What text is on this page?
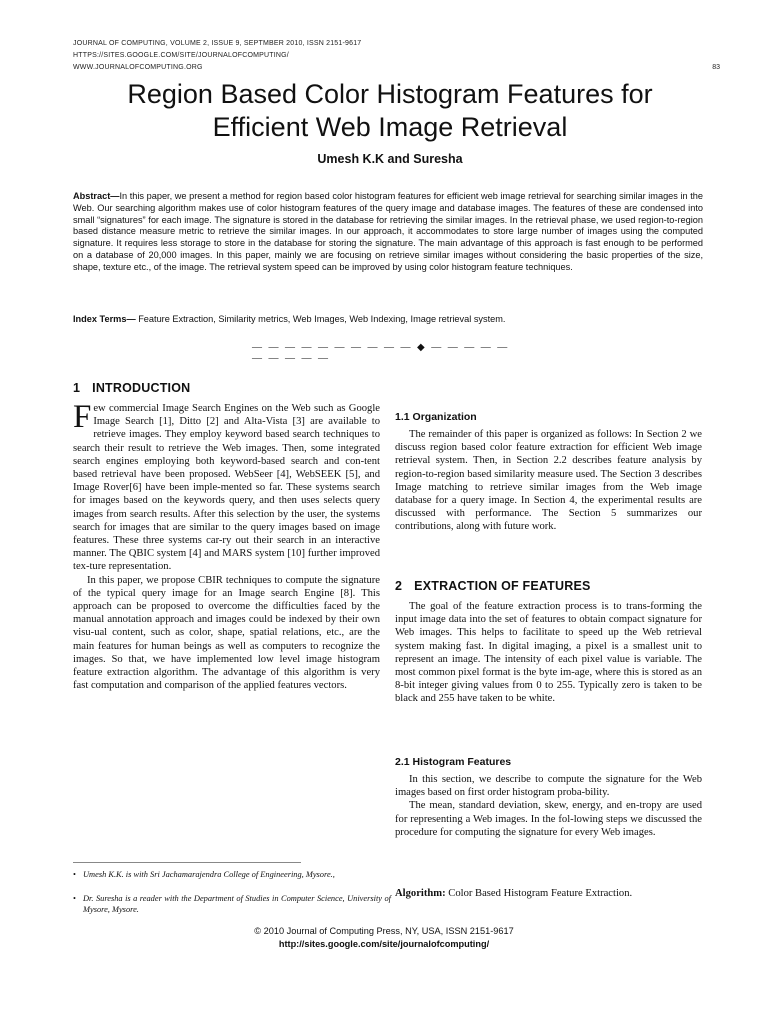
JOURNAL OF COMPUTING, VOLUME 2, ISSUE 9, SEPTMBER 2010, ISSN 2151-9617
HTTPS://SITES.GOOGLE.COM/SITE/JOURNALOFCOMPUTING/
WWW.JOURNALOFCOMPUTING.ORG	83
Region Based Color Histogram Features for
Efficient Web Image Retrieval
Umesh K.K and Suresha
Abstract—In this paper, we present a method for region based color histogram features for efficient web image retrieval for searching similar images in the Web. Our searching algorithm makes use of color histogram features of the query image and database images. The features of these are condensed into small “signatures” for each image. The signature is stored in the database for retrieving the similar images. In the retrieval phase, we used region-to-region based distance measure metric to retrieve the similar images. In our approach, it accommodates to store large number of images using the computed signature. It requires less storage to store in the database for storing the signature. The main advantage of this approach is fast enough to be performed on a database of 20,000 images. In this paper, mainly we are focusing on retrieve similar images without considering the basic properties of the size, shape, texture etc., of the image. The retrieval system speed can be improved by using color histogram feature techniques.
Index Terms— Feature Extraction, Similarity metrics, Web Images, Web Indexing, Image retrieval system.
— — — — — — — — — — ◆ — — — — — — — — — —
1 INTRODUCTION

Few commercial Image Search Engines on the Web such as Google Image Search [1], Ditto [2] and Alta-Vista [3] are available to retrieve images. They employ keyword based search techniques to search their result to retrieve the Web images. Then, some integrated search engines employing both keyword-based search and con-tent based retrieval have been proposed. WebSeer [4], WebSEEK [5], and Image Rover[6] have been imple-mented so far. These systems search for images based on the keywords query, and then uses selects query images from search results. After this selection by the user, the systems search for images that are similar to the query images based on image features. These three systems car-ry out their search in an interactive manner. The QBIC system [4] and MARS system [10] further improved tex-ture representation.

In this paper, we propose CBIR techniques to compute the signature of the typical query image for an Image search Engine [8]. This approach can be proposed to overcome the difficulties faced by the manual annotation approach and images could be indexed by their own visu-ual content, such as color, shape, spatial relations, etc., are the main features for human beings as well as computers to recognize the images. So that, we have implemented low level image histogram feature extraction algorithm. The advantage of this algorithm is very fast computation and comparison of the applied features vectors.

• Umesh K.K. is with Sri Jachamarajendra College of Engineering, Mysore.,
• Dr. Suresha is a reader with the Department of Studies in Computer Science, University of Mysore, Mysore.
1.1 Organization
The remainder of this paper is organized as follows: In Section 2 we discuss region based color feature extraction for efficient Web image retrieval system. Then, in Section 2.2 describes feature analysis by region-to-region based similarity measure used. The Section 3 describes Image matching to retrieve similar images from the Web image database for a query image. In Section 4, the experimental results are discussed with performance. The Section 5 summarizes our contributions, along with future work.
2 EXTRACTION OF FEATURES
The goal of the feature extraction process is to trans-forming the input image data into the set of features to obtain compact signature for Web images. This helps to facilitate to speed up the Web retrieval system making fast. In digital imaging, a pixel is a smallest unit to represent an image. The intensity of each pixel value is variable. The most common pixel format is the byte im-age, where this is stored as an 8-bit integer giving values from 0 to 255. Typically zero is taken to be black and 255 have taken to be white.
2.1 Histogram Features

In this section, we describe to compute the signature for the Web images based on first order histogram proba-bility.

The mean, standard deviation, skew, energy, and en-tropy are used for representing a Web images. In the fol-lowing steps we discussed the procedure for computing the signature for every Web images.

Algorithm: Color Based Histogram Feature Extraction.
© 2010 Journal of Computing Press, NY, USA, ISSN 2151-9617
http://sites.google.com/site/journalofcomputing/
